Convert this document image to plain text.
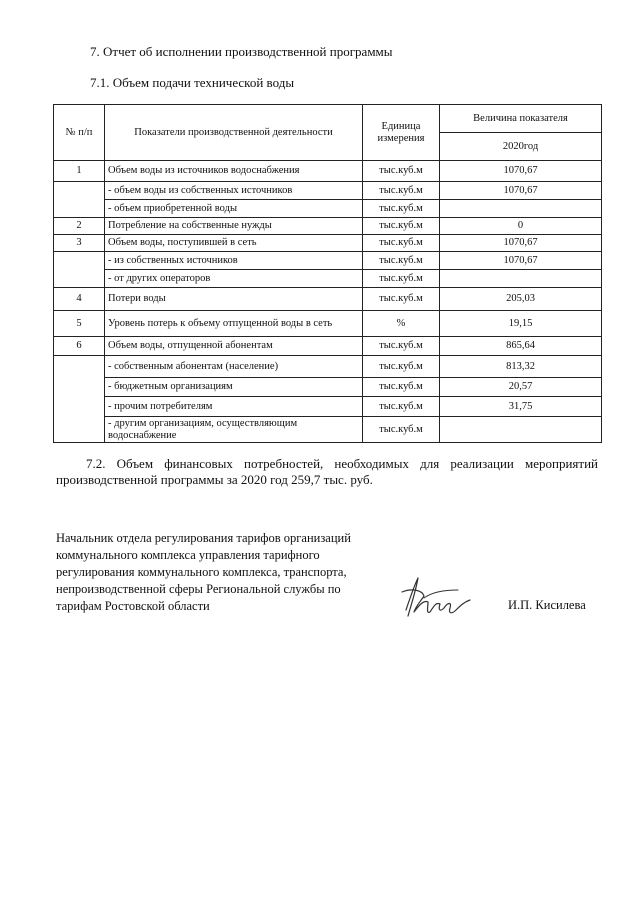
7. Отчет об исполнении производственной программы
7.1. Объем подачи технической воды
№ п/п	Показатели производственной деятельности	Единица измерения	Величина показателя
			2020год
1	Объем воды из источников водоснабжения	тыс.куб.м	1070,67
	- объем воды из собственных источников	тыс.куб.м	1070,67
	- объем приобретенной воды	тыс.куб.м	
2	Потребление на собственные нужды	тыс.куб.м	0
3	Объем воды, поступившей в сеть	тыс.куб.м	1070,67
	- из собственных источников	тыс.куб.м	1070,67
	- от других операторов	тыс.куб.м	
4	Потери воды	тыс.куб.м	205,03
5	Уровень потерь к объему отпущенной воды в сеть	%	19,15
6	Объем воды, отпущенной абонентам	тыс.куб.м	865,64
	- собственным абонентам (население)	тыс.куб.м	813,32
	- бюджетным организациям	тыс.куб.м	20,57
	- прочим потребителям	тыс.куб.м	31,75
	- другим организациям, осуществляющим водоснабжение	тыс.куб.м	
7.2. Объем финансовых потребностей, необходимых для реализации мероприятий производственной программы за 2020 год 259,7 тыс. руб.
Начальник отдела регулирования тарифов организаций коммунального комплекса управления тарифного регулирования коммунального комплекса, транспорта, непроизводственной сферы Региональной службы по тарифам Ростовской области	И.П. Кисилева
